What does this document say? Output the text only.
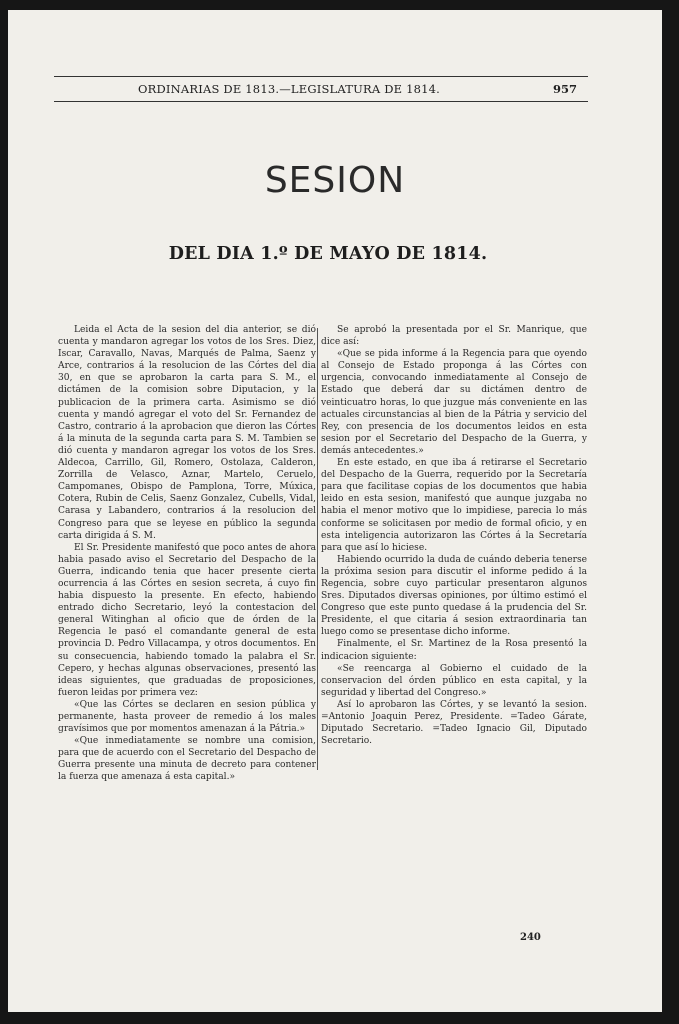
ORDINARIAS DE 1813.—LEGISLATURA DE 1814.	957
SESION
DEL DIA 1.º DE MAYO DE 1814.

Leida el Acta de la sesion del dia anterior, se dió cuenta y mandaron agregar los votos de los Sres. Diez, Iscar, Caravallo, Navas, Marqués de Palma, Saenz y Arce, contrarios á la resolucion de las Córtes del dia 30, en que se aprobaron la carta para S. M., el dictámen de la comision sobre Diputacion, y la publicacion de la primera carta. Asimismo se dió cuenta y mandó agregar el voto del Sr. Fernandez de Castro, contrario á la aprobacion que dieron las Córtes á la minuta de la segunda carta para S. M. Tambien se dió cuenta y mandaron agregar los votos de los Sres. Aldecoa, Carrillo, Gil, Romero, Ostolaza, Calderon, Zorrilla de Velasco, Aznar, Martelo, Ceruelo, Campomanes, Obispo de Pamplona, Torre, Múxica, Cotera, Rubin de Celis, Saenz Gonzalez, Cubells, Vidal, Carasa y Labandero, contrarios á la resolucion del Congreso para que se leyese en público la segunda carta dirigida á S. M.

El Sr. Presidente manifestó que poco antes de ahora habia pasado aviso el Secretario del Despacho de la Guerra, indicando tenia que hacer presente cierta ocurrencia á las Córtes en sesion secreta, á cuyo fin habia dispuesto la presente. En efecto, habiendo entrado dicho Secretario, leyó la contestacion del general Witinghan al oficio que de órden de la Regencia le pasó el comandante general de esta provincia D. Pedro Villacampa, y otros documentos. En su consecuencia, habiendo tomado la palabra el Sr. Cepero, y hechas algunas observaciones, presentó las ideas siguientes, que graduadas de proposiciones, fueron leidas por primera vez:

«Que las Córtes se declaren en sesion pública y permanente, hasta proveer de remedio á los males gravísimos que por momentos amenazan á la Pátria.»

«Que inmediatamente se nombre una comision, para que de acuerdo con el Secretario del Despacho de Guerra presente una minuta de decreto para contener la fuerza que amenaza á esta capital.»

Se aprobó la presentada por el Sr. Manrique, que dice así:

«Que se pida informe á la Regencia para que oyendo al Consejo de Estado proponga á las Córtes con urgencia, convocando inmediatamente al Consejo de Estado que deberá dar su dictámen dentro de veinticuatro horas, lo que juzgue más conveniente en las actuales circunstancias al bien de la Pátria y servicio del Rey, con presencia de los documentos leidos en esta sesion por el Secretario del Despacho de la Guerra, y demás antecedentes.»

En este estado, en que iba á retirarse el Secretario del Despacho de la Guerra, requerido por la Secretaría para que facilitase copias de los documentos que habia leido en esta sesion, manifestó que aunque juzgaba no habia el menor motivo que lo impidiese, parecia lo más conforme se solicitasen por medio de formal oficio, y en esta inteligencia autorizaron las Córtes á la Secretaría para que así lo hiciese.

Habiendo ocurrido la duda de cuándo deberia tenerse la próxima sesion para discutir el informe pedido á la Regencia, sobre cuyo particular presentaron algunos Sres. Diputados diversas opiniones, por último estimó el Congreso que este punto quedase á la prudencia del Sr. Presidente, el que citaria á sesion extraordinaria tan luego como se presentase dicho informe.

Finalmente, el Sr. Martinez de la Rosa presentó la indicacion siguiente:

«Se reencarga al Gobierno el cuidado de la conservacion del órden público en esta capital, y la seguridad y libertad del Congreso.»

Así lo aprobaron las Córtes, y se levantó la sesion. =Antonio Joaquin Perez, Presidente. =Tadeo Gárate, Diputado Secretario. =Tadeo Ignacio Gil, Diputado Secretario.

240
